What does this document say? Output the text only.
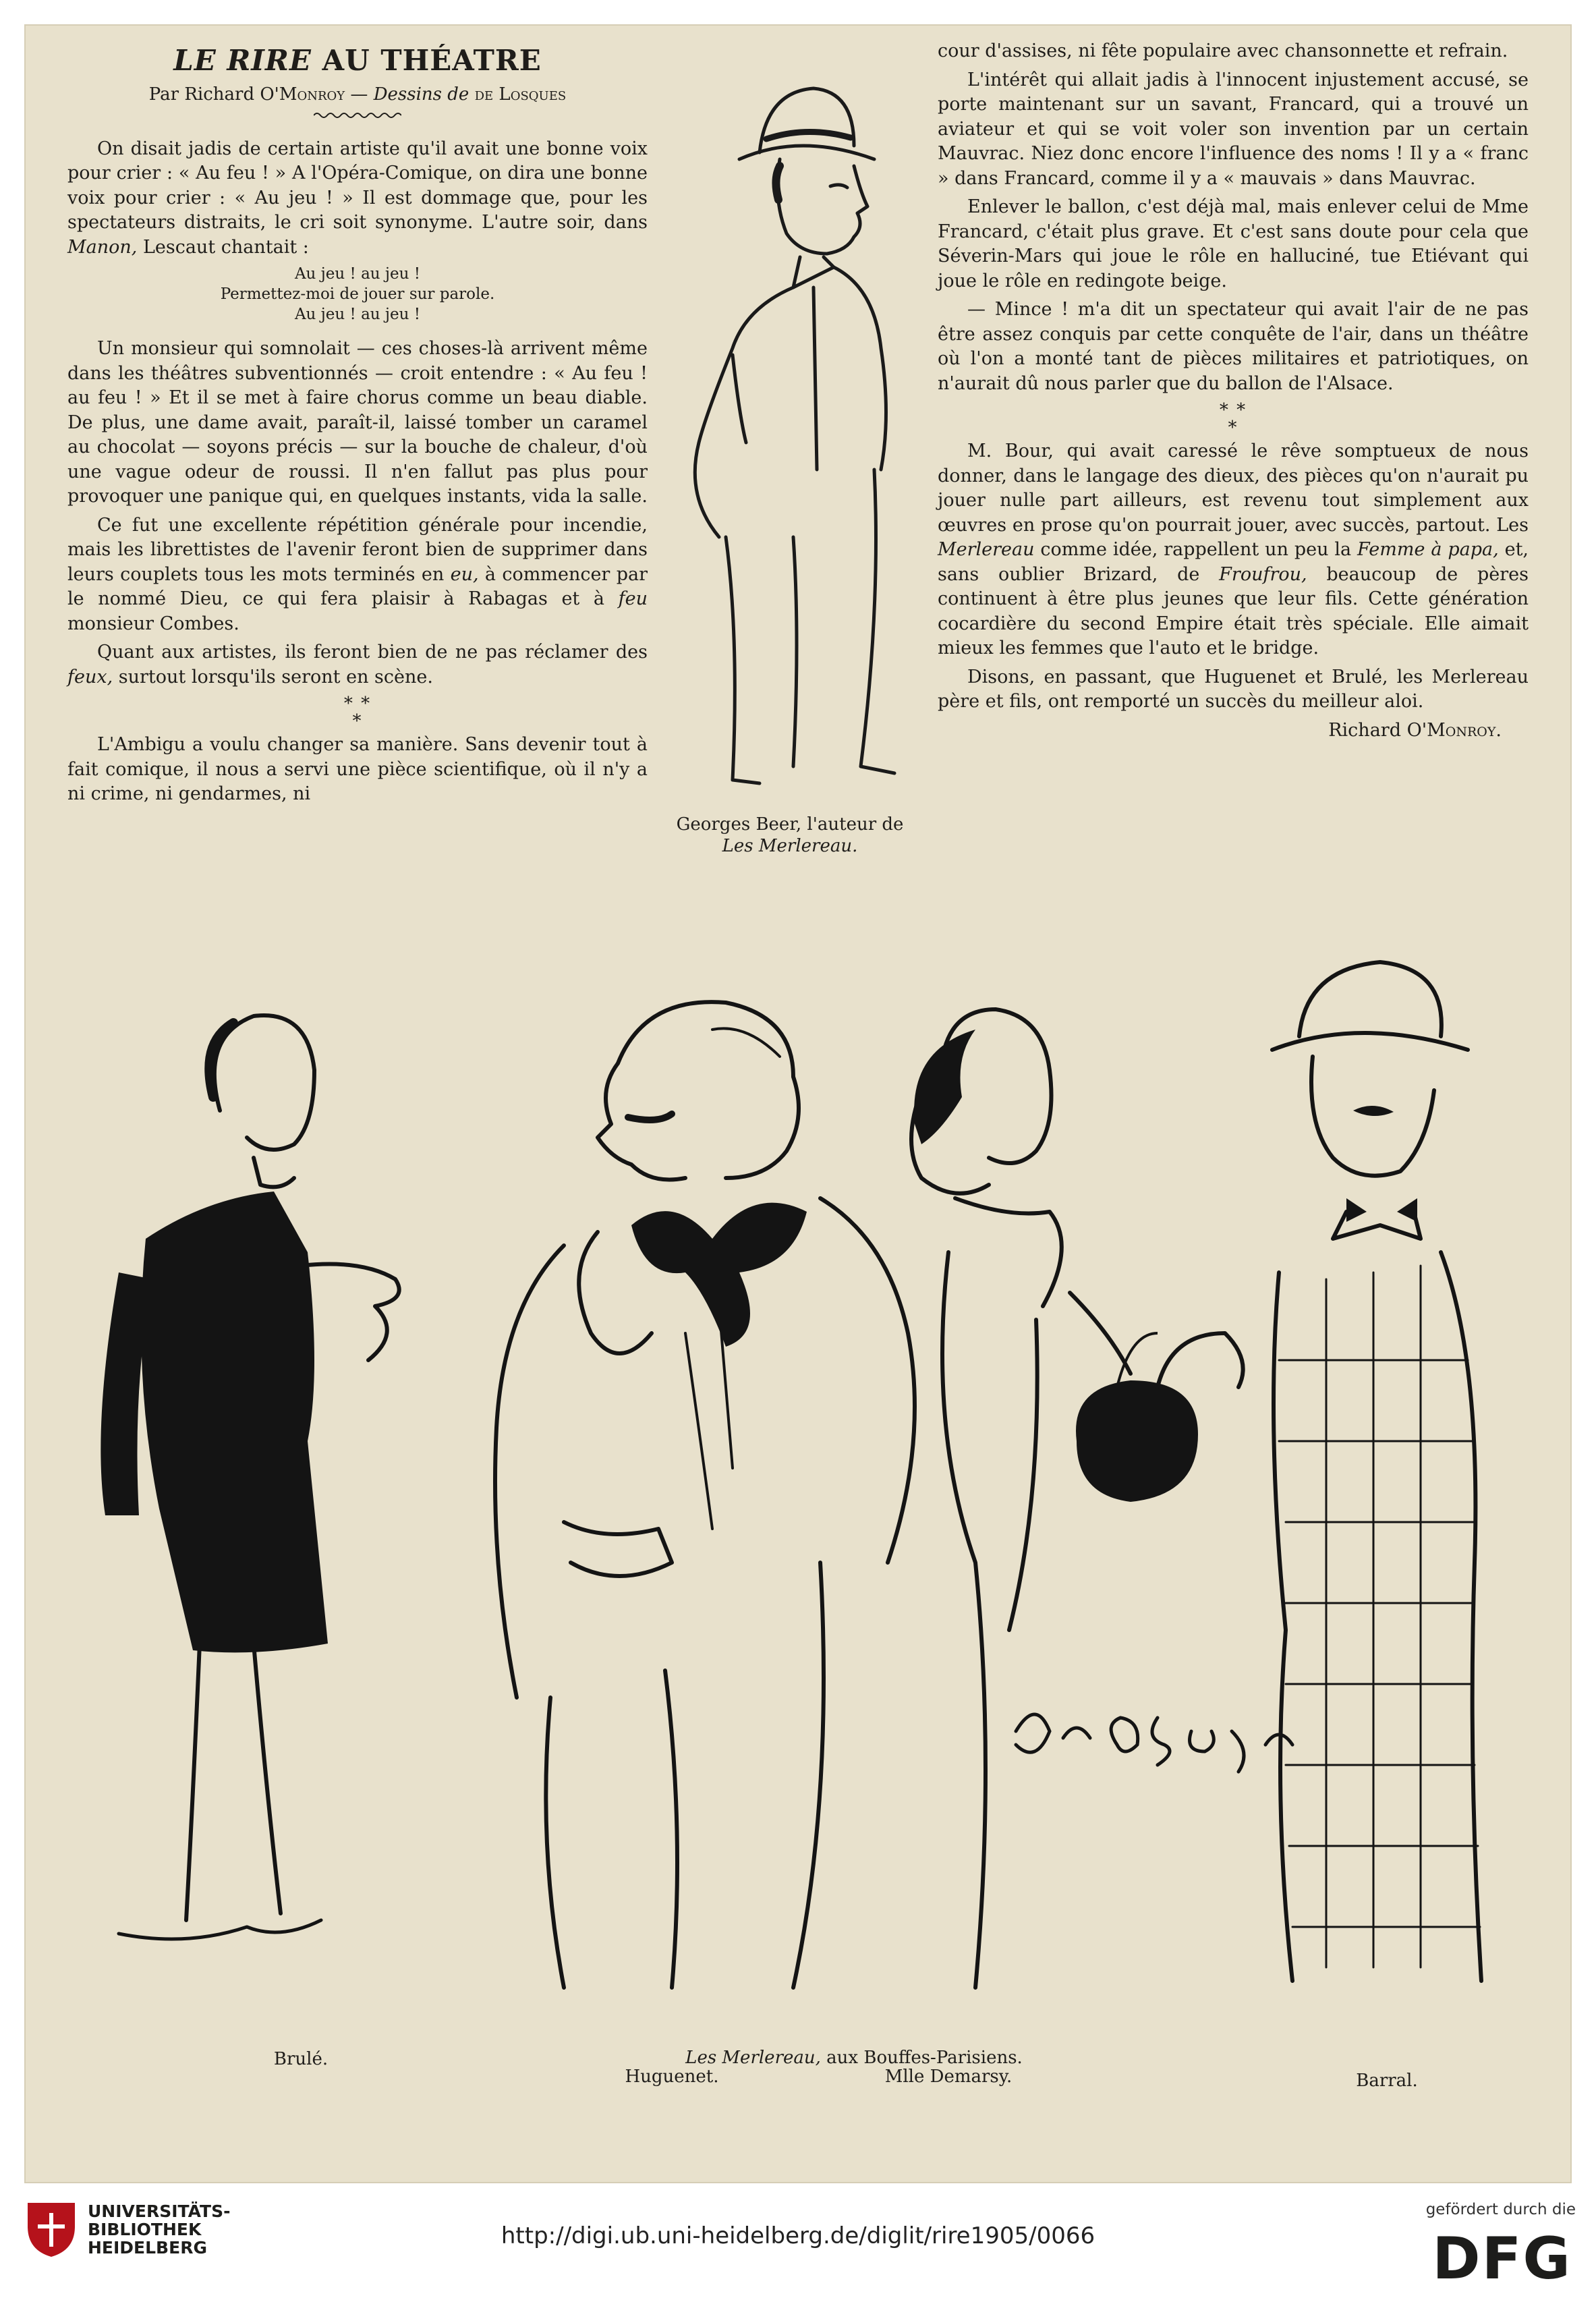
LE RIRE AU THÉATRE
Par Richard O'Monroy — Dessins de de Losques

On disait jadis de certain artiste qu'il avait une bonne voix pour crier : « Au feu ! » A l'Opéra-Comique, on dira une bonne voix pour crier : « Au jeu ! » Il est dommage que, pour les spectateurs distraits, le cri soit synonyme. L'autre soir, dans Manon, Lescaut chantait :

Au jeu ! au jeu !
Permettez-moi de jouer sur parole.
Au jeu ! au jeu !

Un monsieur qui somnolait — ces choses-là arrivent même dans les théâtres subventionnés — croit entendre : « Au feu ! au feu ! » Et il se met à faire chorus comme un beau diable. De plus, une dame avait, paraît-il, laissé tomber un caramel au chocolat — soyons précis — sur la bouche de chaleur, d'où une vague odeur de roussi. Il n'en fallut pas plus pour provoquer une panique qui, en quelques instants, vida la salle.

Ce fut une excellente répétition générale pour incendie, mais les librettistes de l'avenir feront bien de supprimer dans leurs couplets tous les mots terminés en eu, à commencer par le nommé Dieu, ce qui fera plaisir à Rabagas et à feu monsieur Combes.

Quant aux artistes, ils feront bien de ne pas réclamer des feux, surtout lorsqu'ils seront en scène.

* *
*

L'Ambigu a voulu changer sa manière. Sans devenir tout à fait comique, il nous a servi une pièce scientifique, où il n'y a ni crime, ni gendarmes, ni

Georges Beer, l'auteur de
Les Merlereau.

cour d'assises, ni fête populaire avec chansonnette et refrain.

L'intérêt qui allait jadis à l'innocent injustement accusé, se porte maintenant sur un savant, Francard, qui a trouvé un aviateur et qui se voit voler son invention par un certain Mauvrac. Niez donc encore l'influence des noms ! Il y a « franc » dans Francard, comme il y a « mauvais » dans Mauvrac.

Enlever le ballon, c'est déjà mal, mais enlever celui de Mme Francard, c'était plus grave. Et c'est sans doute pour cela que Séverin-Mars qui joue le rôle en halluciné, tue Etiévant qui joue le rôle en redingote beige.

— Mince ! m'a dit un spectateur qui avait l'air de ne pas être assez conquis par cette conquête de l'air, dans un théâtre où l'on a monté tant de pièces militaires et patriotiques, on n'aurait dû nous parler que du ballon de l'Alsace.

* *
*

M. Bour, qui avait caressé le rêve somptueux de nous donner, dans le langage des dieux, des pièces qu'on n'aurait pu jouer nulle part ailleurs, est revenu tout simplement aux œuvres en prose qu'on pourrait jouer, avec succès, partout. Les Merlereau comme idée, rappellent un peu la Femme à papa, et, sans oublier Brizard, de Froufrou, beaucoup de pères continuent à être plus jeunes que leur fils. Cette génération cocardière du second Empire était très spéciale. Elle aimait mieux les femmes que l'auto et le bridge.

Disons, en passant, que Huguenet et Brulé, les Merlereau père et fils, ont remporté un succès du meilleur aloi.

Richard O'Monroy.
Brulé.	Les Merlereau, aux Bouffes-Parisiens.
Huguenet.	Mlle Demarsy.	Barral.
UNIVERSITÄTS-
BIBLIOTHEK
HEIDELBERG	http://digi.ub.uni-heidelberg.de/diglit/rire1905/0066
gefördert durch die
DFG
